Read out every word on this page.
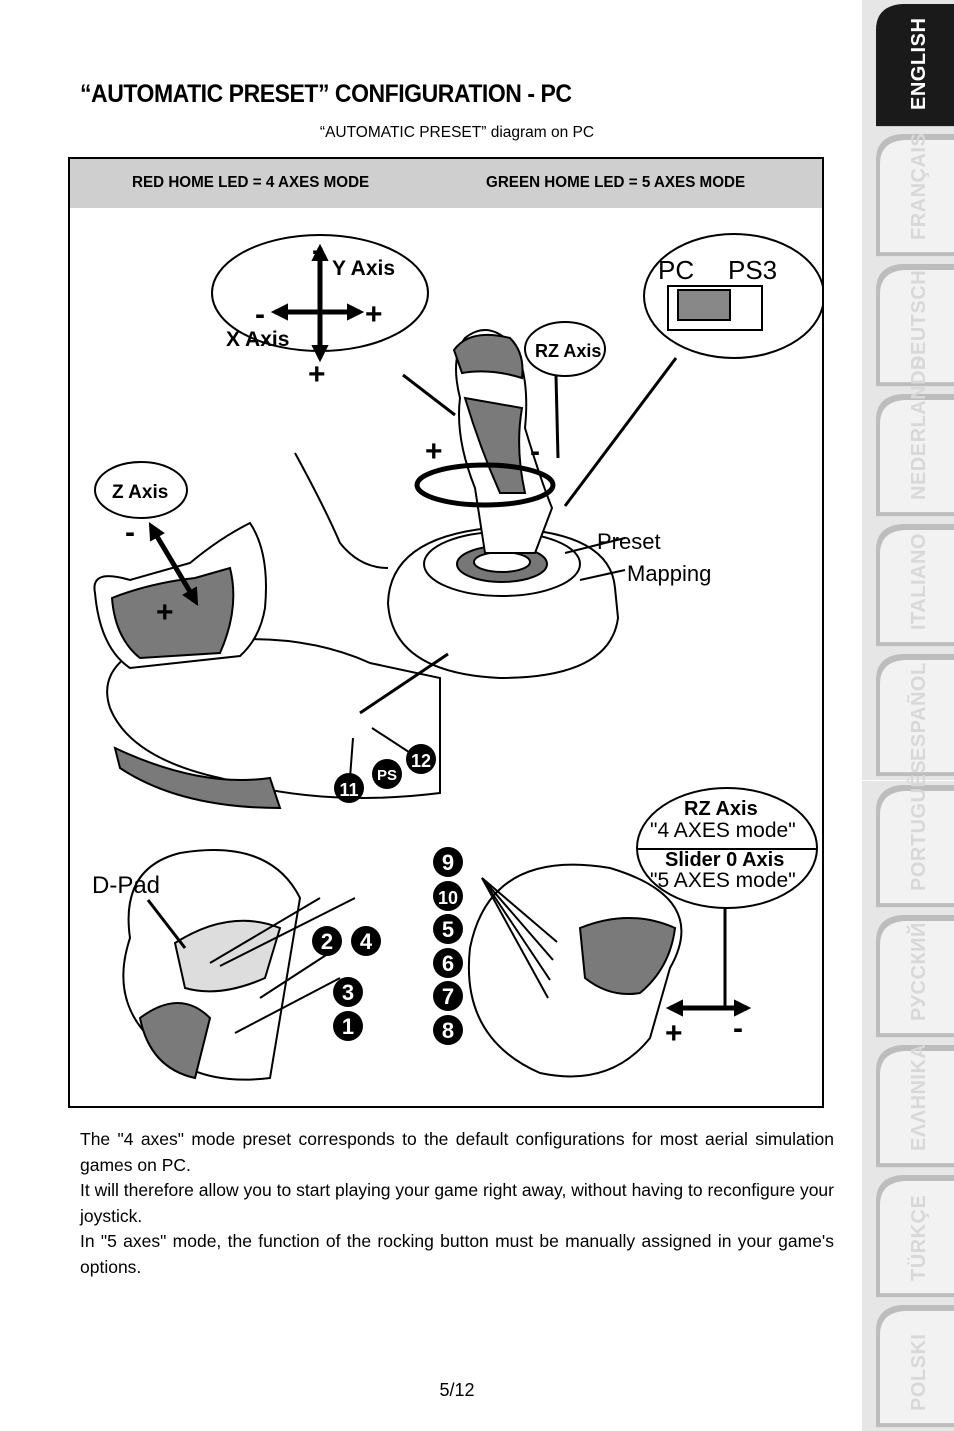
“AUTOMATIC PRESET” CONFIGURATION - PC
“AUTOMATIC PRESET” diagram on PC
RED HOME LED = 4 AXES MODE	GREEN HOME LED = 5 AXES MODE
Y Axis
X Axis	RZ Axis
Z Axis
PC PS3
Preset
Mapping
D-Pad
RZ Axis
"4 AXES mode"
Slider 0 Axis
"5 AXES mode"
+
-
+
-
+	-
-
+
+ -
1
2
3
4	5
6
7
8
9
10
11
12
PS

The "4 axes" mode preset corresponds to the default configurations for most aerial simulation games on PC.

It will therefore allow you to start playing your game right away, without having to reconfigure your joystick.

In "5 axes" mode, the function of the rocking button must be manually assigned in your game's options.

5/12
ENGLISH
FRANÇAIS
DEUTSCH
NEDERLANDS
ITALIANO
ESPAÑOL
PORTUGUÊS
РУССКИЙ
ΕΛΛΗΝΙΚΑ
TÜRKÇE
POLSKI
